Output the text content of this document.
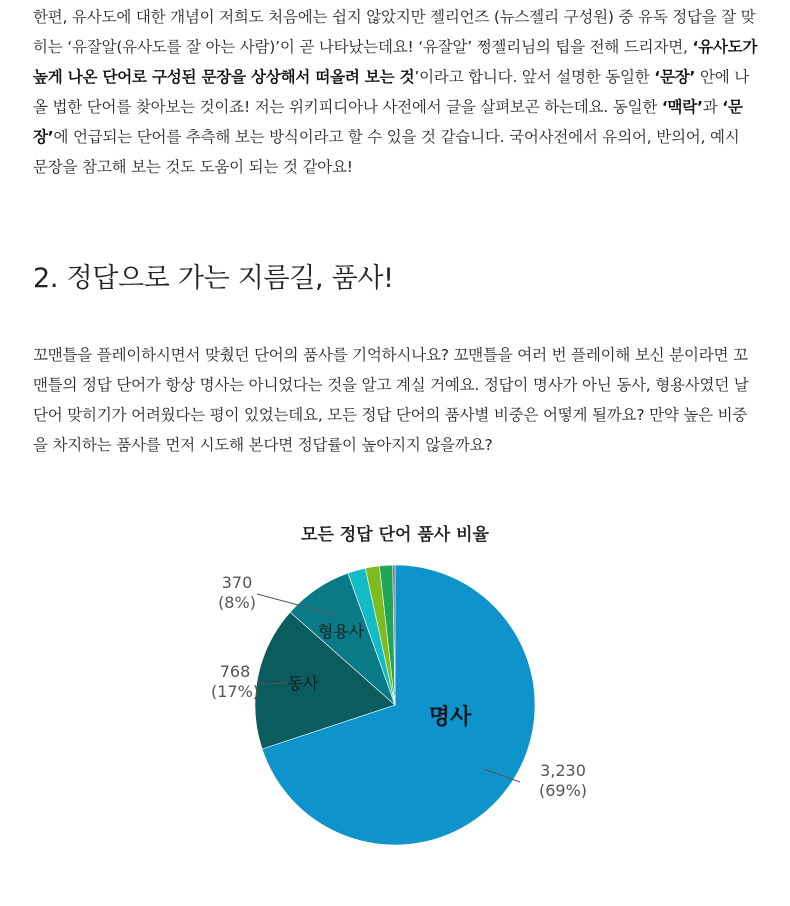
한편, 유사도에 대한 개념이 저희도 처음에는 쉽지 않았지만 젤리언즈 (뉴스젤리 구성원) 중 유독 정답을 잘 맞히는 ‘유잘알(유사도를 잘 아는 사람)’이 곧 나타났는데요! ‘유잘알’ 쩡젤리님의 팁을 전해 드리자면, ‘유사도가 높게 나온 단어로 구성된 문장을 상상해서 떠올려 보는 것’이라고 합니다. 앞서 설명한 동일한 ‘문장’ 안에 나올 법한 단어를 찾아보는 것이죠! 저는 위키피디아나 사전에서 글을 살펴보곤 하는데요. 동일한 ‘맥락’과 ‘문장’에 언급되는 단어를 추측해 보는 방식이라고 할 수 있을 것 같습니다. 국어사전에서 유의어, 반의어, 예시 문장을 참고해 보는 것도 도움이 되는 것 같아요!

2. 정답으로 가는 지름길, 품사!

꼬맨틀을 플레이하시면서 맞췄던 단어의 품사를 기억하시나요? 꼬맨틀을 여러 번 플레이해 보신 분이라면 꼬맨틀의 정답 단어가 항상 명사는 아니었다는 것을 알고 계실 거예요. 정답이 명사가 아닌 동사, 형용사였던 날 단어 맞히기가 어려웠다는 평이 있었는데요, 모든 정답 단어의 품사별 비중은 어떻게 될까요? 만약 높은 비중을 차지하는 품사를 먼저 시도해 본다면 정답률이 높아지지 않을까요?

모든 정답 단어 품사 비율
명사
3,230
(69%)
동사
768
(17%)
형용사
370
(8%)
